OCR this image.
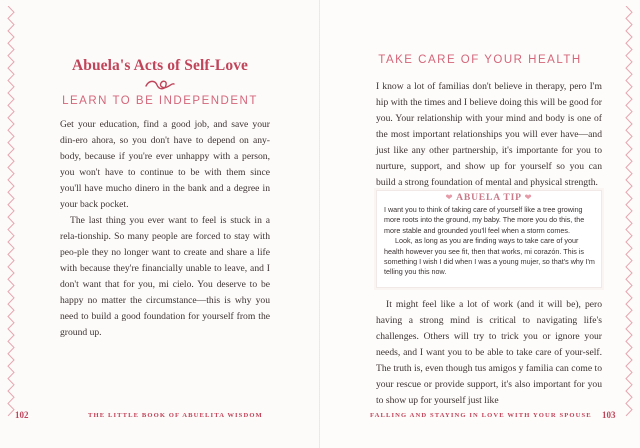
Abuela's Acts of Self-Love
LEARN TO BE INDEPENDENT

Get your education, find a good job, and save your din-ero ahora, so you don't have to depend on any-body, because if you're ever unhappy with a person, you won't have to continue to be with them since you'll have mucho dinero in the bank and a degree in your back pocket.

The last thing you ever want to feel is stuck in a rela-tionship. So many people are forced to stay with peo-ple they no longer want to create and share a life with because they're financially unable to leave, and I don't want that for you, mi cielo. You deserve to be happy no matter the circumstance—this is why you need to build a good foundation for yourself from the ground up.

102	THE LITTLE BOOK OF ABUELITA WISDOM
TAKE CARE OF YOUR HEALTH

I know a lot of familias don't believe in therapy, pero I'm hip with the times and I believe doing this will be good for you. Your relationship with your mind and body is one of the most important relationships you will ever have—and just like any other partnership, it's importante for you to nurture, support, and show up for yourself so you can build a strong foundation of mental and physical strength.

❤ ABUELA TIP ❤

I want you to think of taking care of yourself like a tree growing more roots into the ground, my baby. The more you do this, the more stable and grounded you'll feel when a storm comes.

Look, as long as you are finding ways to take care of your health however you see fit, then that works, mi corazón. This is something I wish I did when I was a young mujer, so that's why I'm telling you this now.

It might feel like a lot of work (and it will be), pero having a strong mind is critical to navigating life's challenges. Others will try to trick you or ignore your needs, and I want you to be able to take care of your-self. The truth is, even though tus amigos y familia can come to your rescue or provide support, it's also important for you to show up for yourself just like

FALLING AND STAYING IN LOVE WITH YOUR SPOUSE 103
